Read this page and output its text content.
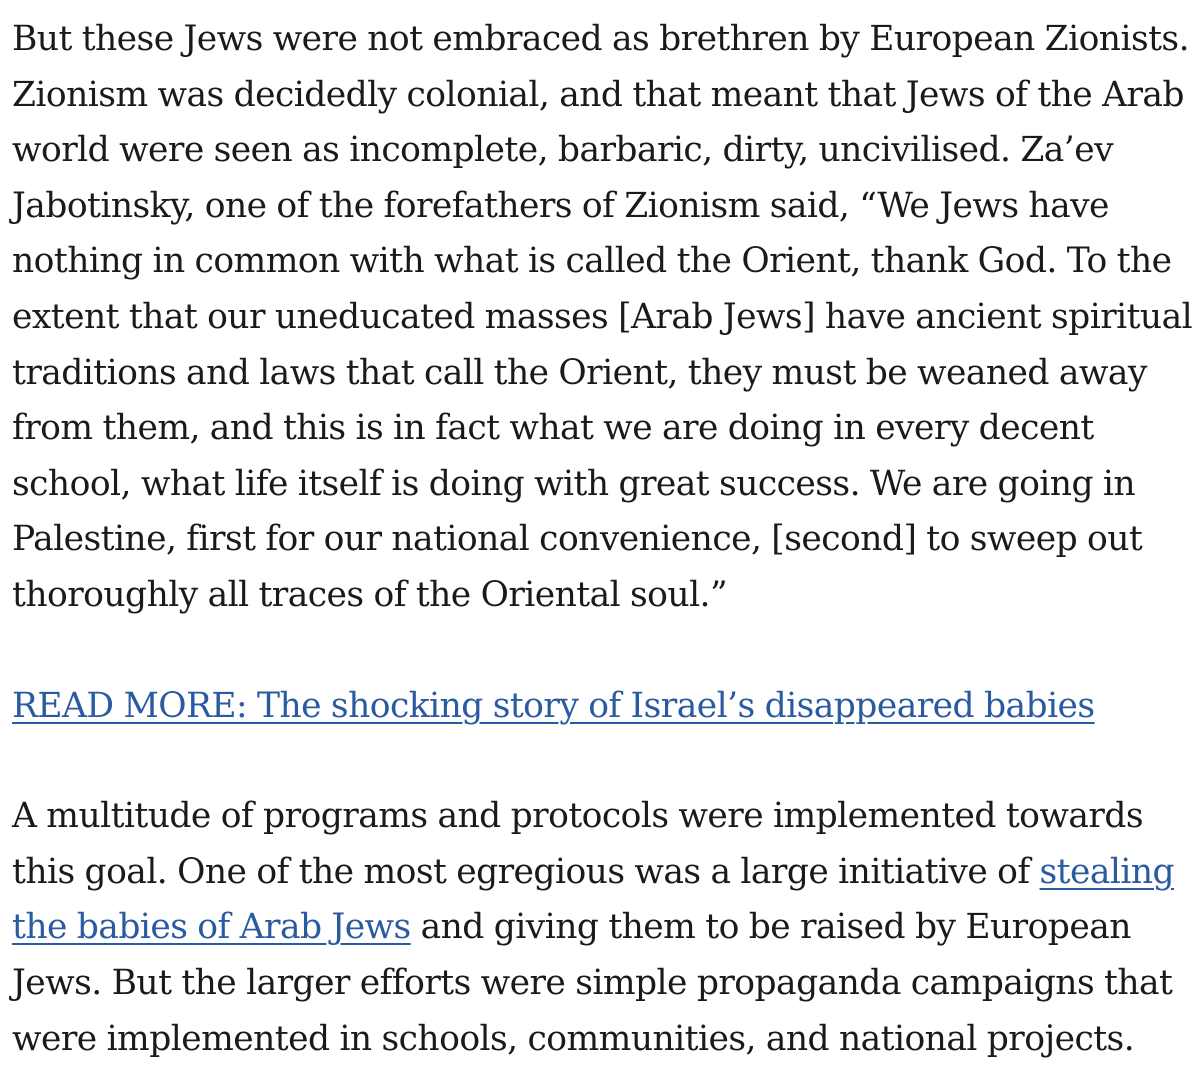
But these Jews were not embraced as brethren by European Zionists. Zionism was decidedly colonial, and that meant that Jews of the Arab world were seen as incomplete, barbaric, dirty, uncivilised. Za’ev Jabotinsky, one of the forefathers of Zionism said, “We Jews have nothing in common with what is called the Orient, thank God. To the extent that our uneducated masses [Arab Jews] have ancient spiritual traditions and laws that call the Orient, they must be weaned away from them, and this is in fact what we are doing in every decent school, what life itself is doing with great success. We are going in Palestine, first for our national convenience, [second] to sweep out thoroughly all traces of the Oriental soul.”

READ MORE: The shocking story of Israel’s disappeared babies

A multitude of programs and protocols were implemented towards this goal. One of the most egregious was a large initiative of stealing the babies of Arab Jews and giving them to be raised by European Jews. But the larger efforts were simple propaganda campaigns that were implemented in schools, communities, and national projects.
